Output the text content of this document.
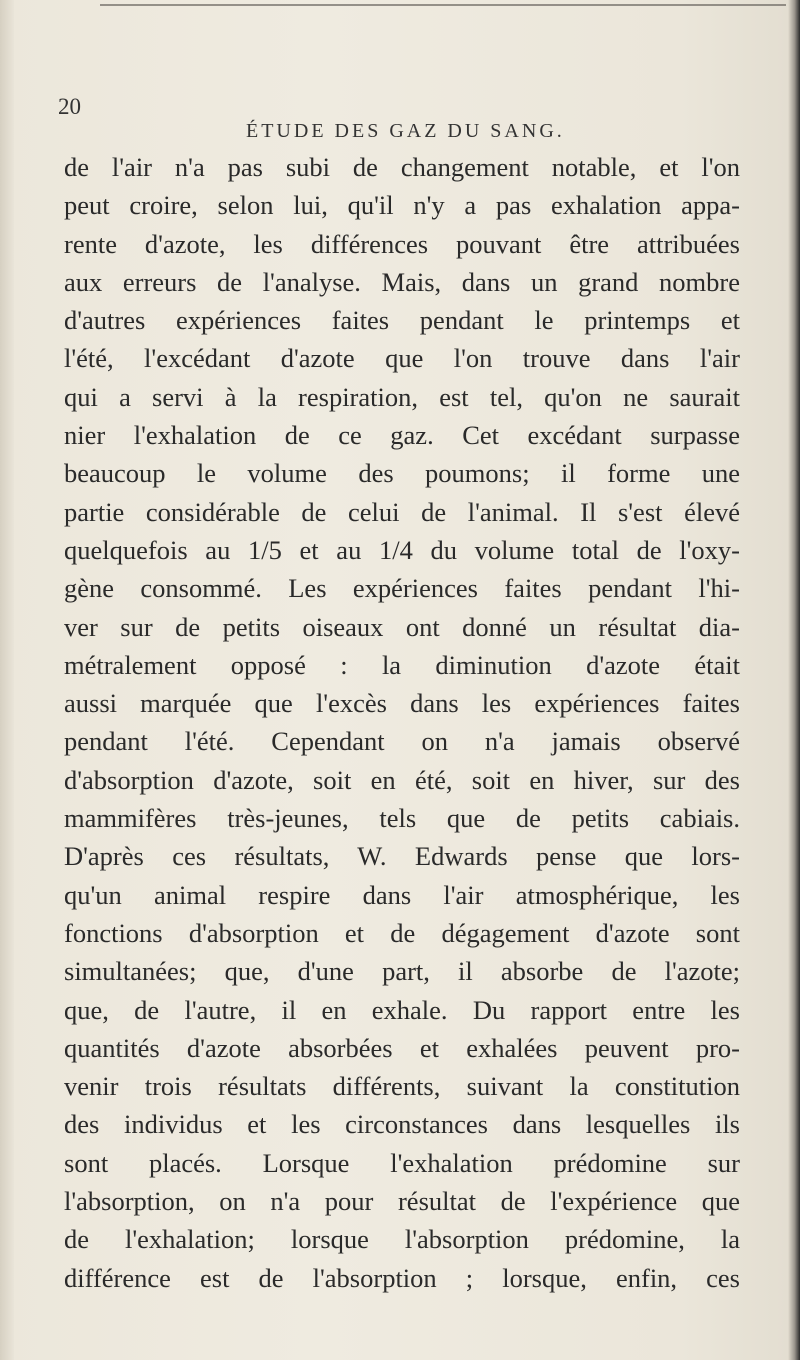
20
ÉTUDE DES GAZ DU SANG.
de l'air n'a pas subi de changement notable, et l'on
peut croire, selon lui, qu'il n'y a pas exhalation appa-
rente d'azote, les différences pouvant être attribuées
aux erreurs de l'analyse. Mais, dans un grand nombre
d'autres expériences faites pendant le printemps et
l'été, l'excédant d'azote que l'on trouve dans l'air
qui a servi à la respiration, est tel, qu'on ne saurait
nier l'exhalation de ce gaz. Cet excédant surpasse
beaucoup le volume des poumons; il forme une
partie considérable de celui de l'animal. Il s'est élevé
quelquefois au 1/5 et au 1/4 du volume total de l'oxy-
gène consommé. Les expériences faites pendant l'hi-
ver sur de petits oiseaux ont donné un résultat dia-
métralement opposé : la diminution d'azote était
aussi marquée que l'excès dans les expériences faites
pendant l'été. Cependant on n'a jamais observé
d'absorption d'azote, soit en été, soit en hiver, sur des
mammifères très-jeunes, tels que de petits cabiais.
D'après ces résultats, W. Edwards pense que lors-
qu'un animal respire dans l'air atmosphérique, les
fonctions d'absorption et de dégagement d'azote sont
simultanées; que, d'une part, il absorbe de l'azote;
que, de l'autre, il en exhale. Du rapport entre les
quantités d'azote absorbées et exhalées peuvent pro-
venir trois résultats différents, suivant la constitution
des individus et les circonstances dans lesquelles ils
sont placés. Lorsque l'exhalation prédomine sur
l'absorption, on n'a pour résultat de l'expérience que
de l'exhalation; lorsque l'absorption prédomine, la
différence est de l'absorption ; lorsque, enfin, ces
